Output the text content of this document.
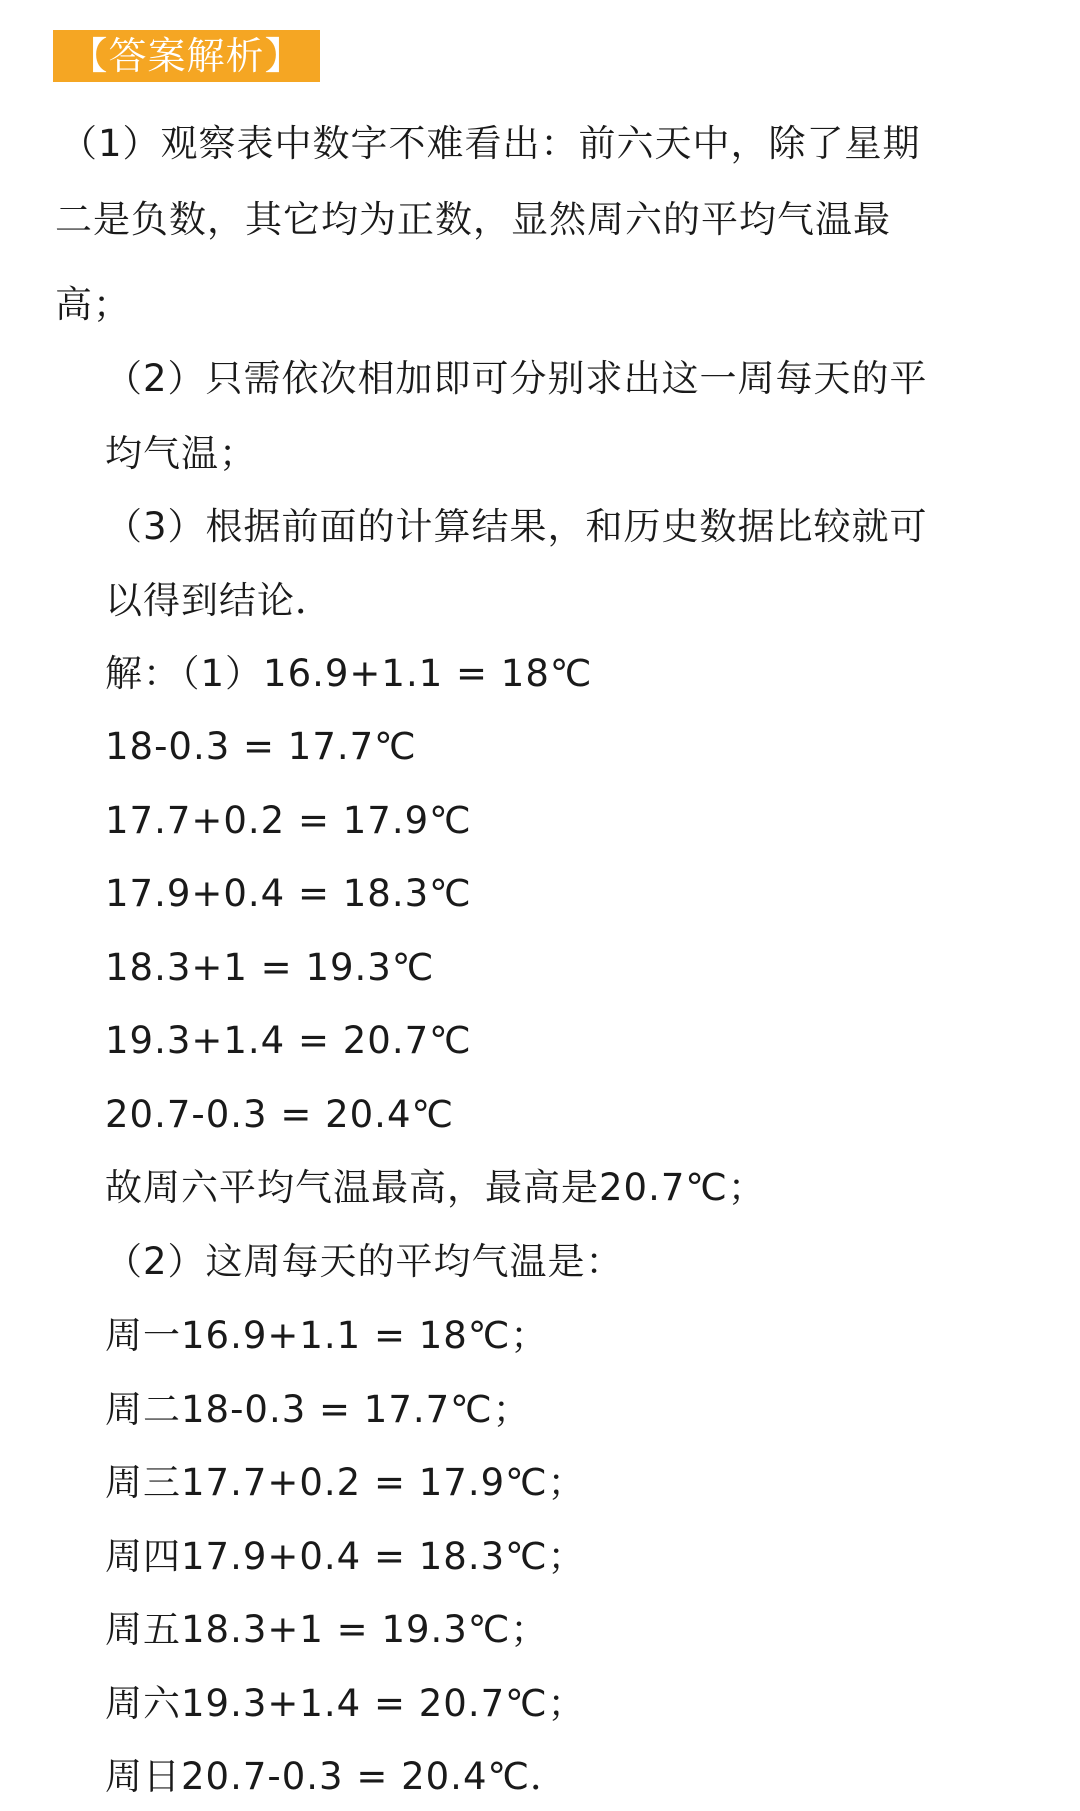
【答案解析】
（1）观察表中数字不难看出：前六天中，除了星期
二是负数，其它均为正数，显然周六的平均气温最
高；
（2）只需依次相加即可分别求出这一周每天的平
均气温；
（3）根据前面的计算结果，和历史数据比较就可
以得到结论．
解：（1）16.9+1.1 = 18℃
18-0.3 = 17.7℃
17.7+0.2 = 17.9℃
17.9+0.4 = 18.3℃
18.3+1 = 19.3℃
19.3+1.4 = 20.7℃
20.7-0.3 = 20.4℃
故周六平均气温最高，最高是20.7℃；
（2）这周每天的平均气温是：
周一16.9+1.1 = 18℃；
周二18-0.3 = 17.7℃；
周三17.7+0.2 = 17.9℃；
周四17.9+0.4 = 18.3℃；
周五18.3+1 = 19.3℃；
周六19.3+1.4 = 20.7℃；
周日20.7-0.3 = 20.4℃．
